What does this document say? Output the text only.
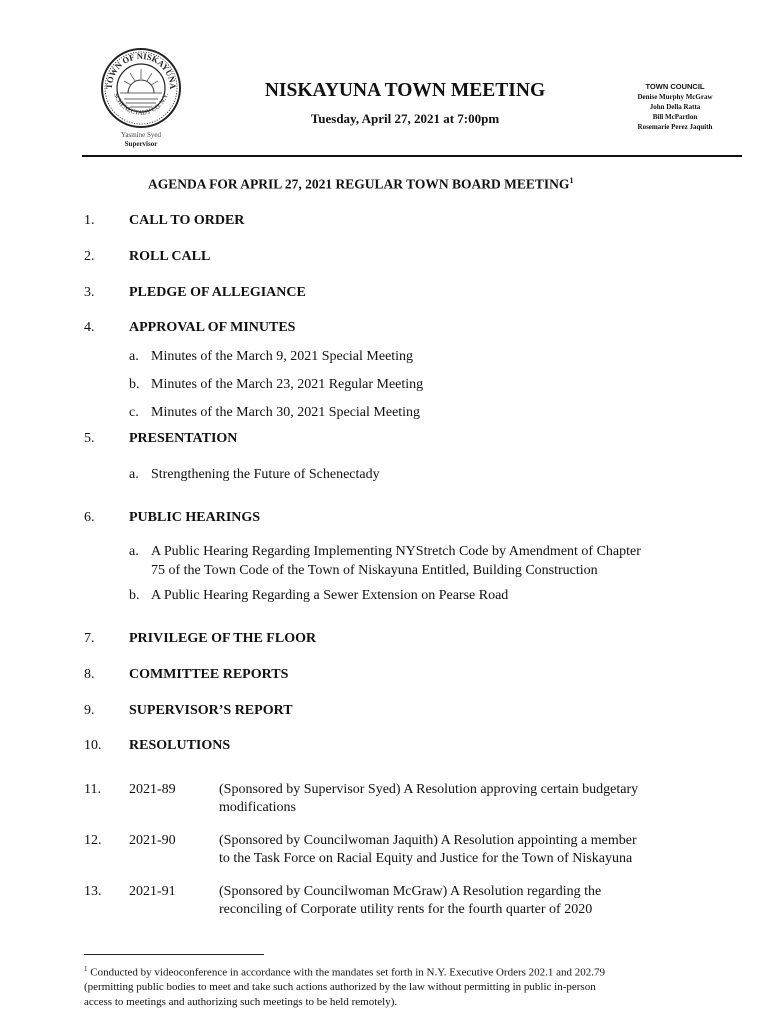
TOWN OF NISKAYUNA
SCHENECTADY CO. N.Y.
Yasmine Syed
Supervisor
NISKAYUNA TOWN MEETING
Tuesday, April 27, 2021 at 7:00pm
TOWN COUNCIL
Denise Murphy McGraw
John Della Ratta
Bill McPartlon
Rosemarie Perez Jaquith
AGENDA FOR APRIL 27, 2021 REGULAR TOWN BOARD MEETING$^1$
1. CALL TO ORDER
2. ROLL CALL
3. PLEDGE OF ALLEGIANCE
4. APPROVAL OF MINUTES
a. Minutes of the March 9, 2021 Special Meeting
b. Minutes of the March 23, 2021 Regular Meeting
c. Minutes of the March 30, 2021 Special Meeting
5. PRESENTATION
a. Strengthening the Future of Schenectady
6. PUBLIC HEARINGS
a. A Public Hearing Regarding Implementing NYStretch Code by Amendment of Chapter
75 of the Town Code of the Town of Niskayuna Entitled, Building Construction
b. A Public Hearing Regarding a Sewer Extension on Pearse Road
7. PRIVILEGE OF THE FLOOR
8. COMMITTEE REPORTS
9. SUPERVISOR’S REPORT
10. RESOLUTIONS
11. 2021-89	(Sponsored by Supervisor Syed) A Resolution approving certain budgetary
modifications
12. 2021-90	(Sponsored by Councilwoman Jaquith) A Resolution appointing a member
to the Task Force on Racial Equity and Justice for the Town of Niskayuna
13. 2021-91	(Sponsored by Councilwoman McGraw) A Resolution regarding the
reconciling of Corporate utility rents for the fourth quarter of 2020
$^1$ Conducted by videoconference in accordance with the mandates set forth in N.Y. Executive Orders 202.1 and 202.79
(permitting public bodies to meet and take such actions authorized by the law without permitting in public in-person
access to meetings and authorizing such meetings to be held remotely).
